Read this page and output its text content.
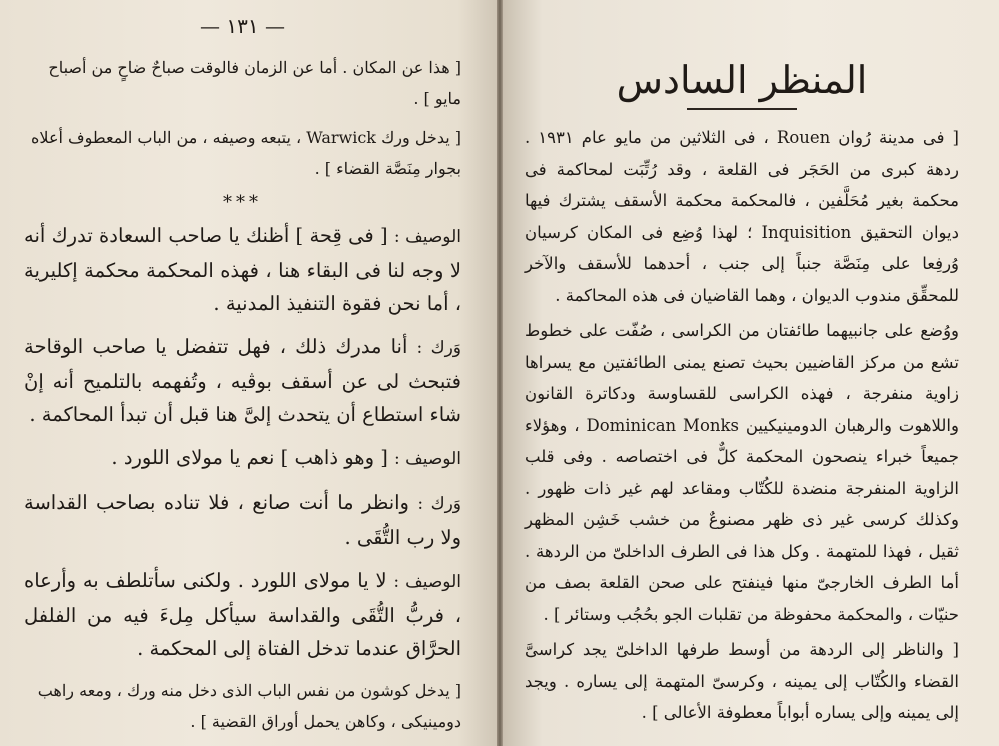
— ١٣١ —

[ هذا عن المكان . أما عن الزمان فالوقت صباحٌ ضاحٍ من أصباح مايو ] .

[ يدخل ورك Warwick ، يتبعه وصيفه ، من الباب المعطوف أعلاه بجوار مِنَصَّة القضاء ] .

***

الوصيف : [ فى قِحة ] أظنك يا صاحب السعادة تدرك أنه لا وجه لنا فى البقاء هنا ، فهذه المحكمة محكمة إكليرية ، أما نحن فقوة التنفيذ المدنية .

وَرك : أنا مدرك ذلك ، فهل تتفضل يا صاحب الوقاحة فتبحث لى عن أسقف بوڤيه ، وتُفهمه بالتلميح أنه إنْ شاء استطاع أن يتحدث إلىَّ هنا قبل أن تبدأ المحاكمة .

الوصيف : [ وهو ذاهب ] نعم يا مولاى اللورد .

وَرك : وانظر ما أنت صانع ، فلا تناده بصاحب القداسة ولا رب التُّقَى .

الوصيف : لا يا مولاى اللورد . ولكنى سأتلطف به وأرعاه ، فربُّ التُّقَى والقداسة سيأكل مِلءَ فيه من الفلفل الحرَّاق عندما تدخل الفتاة إلى المحكمة .

[ يدخل كوشون من نفس الباب الذى دخل منه ورك ، ومعه راهب دومينيكى ، وكاهن يحمل أوراق القضية ] .

المنظر السادس

[ فى مدينة رُوان Rouen ، فى الثلاثين من مايو عام ١٩٣١ . ردهة كبرى من الحَجَر فى القلعة ، وقد رُتِّبَت لمحاكمة فى محكمة بغير مُحَلَّفين ، فالمحكمة محكمة الأسقف يشترك فيها ديوان التحقيق Inquisition ؛ لهذا وُضِع فى المكان كرسيان وُرفِعا على مِنَصَّة جنباً إلى جنب ، أحدهما للأسقف والآخر للمحقِّق مندوب الديوان ، وهما القاضيان فى هذه المحاكمة .

ووُضع على جانبيهما طائفتان من الكراسى ، صُفّت على خطوط تشع من مركز القاضيين بحيث تصنع يمنى الطائفتين مع يسراها زاوية منفرجة ، فهذه الكراسى للقساوسة ودكاترة القانون واللاهوت والرهبان الدومينيكيين Dominican Monks ، وهؤلاء جميعاً خبراء ينصحون المحكمة كلٌّ فى اختصاصه . وفى قلب الزاوية المنفرجة منضدة للكُتّاب ومقاعد لهم غير ذات ظهور . وكذلك كرسى غير ذى ظهر مصنوعٌ من خشب خَشِن المظهر ثقيل ، فهذا للمتهمة . وكل هذا فى الطرف الداخلىّ من الردهة . أما الطرف الخارجىّ منها فينفتح على صحن القلعة بصف من حنيّات ، والمحكمة محفوظة من تقلبات الجو بحُجُب وستائر ] .

[ والناظر إلى الردهة من أوسط طرفها الداخلىّ يجد كراسىَّ القضاء والكُتّاب إلى يمينه ، وكرسىّ المتهمة إلى يساره . ويجد إلى يمينه وإلى يساره أبواباً معطوفة الأعالى ] .
